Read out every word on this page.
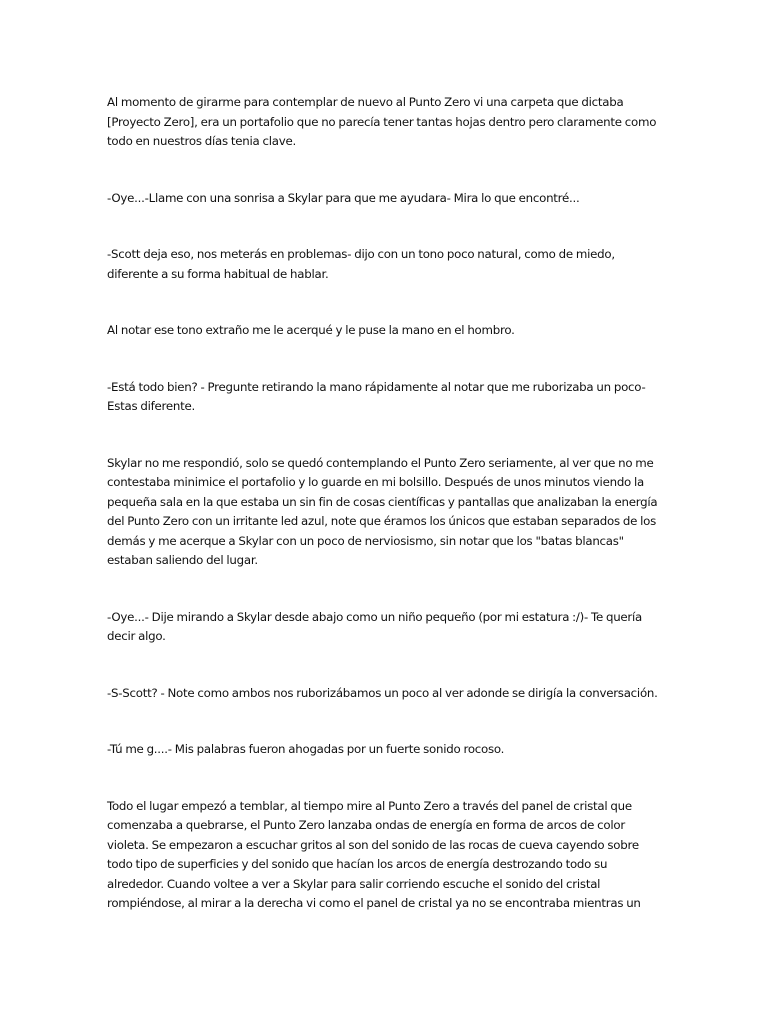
Al momento de girarme para contemplar de nuevo al Punto Zero vi una carpeta que dictaba [Proyecto Zero], era un portafolio que no parecía tener tantas hojas dentro pero claramente como todo en nuestros días tenia clave.

-Oye...-Llame con una sonrisa a Skylar para que me ayudara- Mira lo que encontré...

-Scott deja eso, nos meterás en problemas- dijo con un tono poco natural, como de miedo, diferente a su forma habitual de hablar.

Al notar ese tono extraño me le acerqué y le puse la mano en el hombro.

-Está todo bien? - Pregunte retirando la mano rápidamente al notar que me ruborizaba un poco- Estas diferente.

Skylar no me respondió, solo se quedó contemplando el Punto Zero seriamente, al ver que no me contestaba minimice el portafolio y lo guarde en mi bolsillo. Después de unos minutos viendo la pequeña sala en la que estaba un sin fin de cosas científicas y pantallas que analizaban la energía del Punto Zero con un irritante led azul, note que éramos los únicos que estaban separados de los demás y me acerque a Skylar con un poco de nerviosismo, sin notar que los "batas blancas" estaban saliendo del lugar.

-Oye...- Dije mirando a Skylar desde abajo como un niño pequeño (por mi estatura :/)- Te quería decir algo.

-S-Scott? - Note como ambos nos ruborizábamos un poco al ver adonde se dirigía la conversación.

-Tú me g....- Mis palabras fueron ahogadas por un fuerte sonido rocoso.

Todo el lugar empezó a temblar, al tiempo mire al Punto Zero a través del panel de cristal que comenzaba a quebrarse, el Punto Zero lanzaba ondas de energía en forma de arcos de color violeta. Se empezaron a escuchar gritos al son del sonido de las rocas de cueva cayendo sobre todo tipo de superficies y del sonido que hacían los arcos de energía destrozando todo su alrededor. Cuando voltee a ver a Skylar para salir corriendo escuche el sonido del cristal rompiéndose, al mirar a la derecha vi como el panel de cristal ya no se encontraba mientras un
